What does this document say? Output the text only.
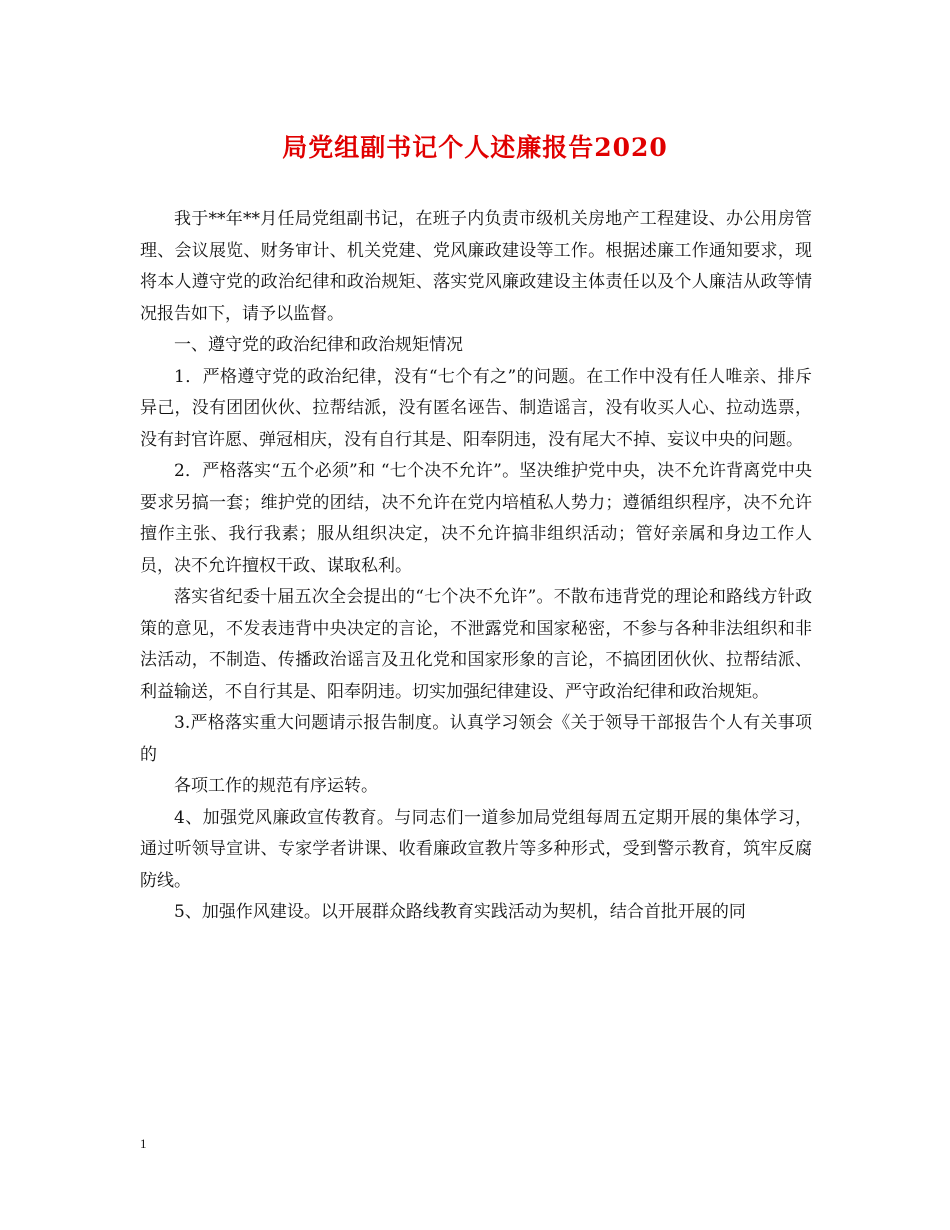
局党组副书记个人述廉报告2020

我于**年**月任局党组副书记，在班子内负责市级机关房地产工程建设、办公用房管理、会议展览、财务审计、机关党建、党风廉政建设等工作。根据述廉工作通知要求，现将本人遵守党的政治纪律和政治规矩、落实党风廉政建设主体责任以及个人廉洁从政等情况报告如下，请予以监督。

一、遵守党的政治纪律和政治规矩情况

1．严格遵守党的政治纪律，没有“七个有之”的问题。在工作中没有任人唯亲、排斥异己，没有团团伙伙、拉帮结派，没有匿名诬告、制造谣言，没有收买人心、拉动选票，没有封官许愿、弹冠相庆，没有自行其是、阳奉阴违，没有尾大不掉、妄议中央的问题。

2．严格落实“五个必须”和 “七个决不允许”。坚决维护党中央，决不允许背离党中央要求另搞一套；维护党的团结，决不允许在党内培植私人势力；遵循组织程序，决不允许擅作主张、我行我素；服从组织决定，决不允许搞非组织活动；管好亲属和身边工作人员，决不允许擅权干政、谋取私利。

落实省纪委十届五次全会提出的“七个决不允许”。不散布违背党的理论和路线方针政策的意见，不发表违背中央决定的言论，不泄露党和国家秘密，不参与各种非法组织和非法活动，不制造、传播政治谣言及丑化党和国家形象的言论，不搞团团伙伙、拉帮结派、利益输送，不自行其是、阳奉阴违。切实加强纪律建设、严守政治纪律和政治规矩。

3.严格落实重大问题请示报告制度。认真学习领会《关于领导干部报告个人有关事项的

各项工作的规范有序运转。

4、加强党风廉政宣传教育。与同志们一道参加局党组每周五定期开展的集体学习，通过听领导宣讲、专家学者讲课、收看廉政宣教片等多种形式，受到警示教育，筑牢反腐防线。

5、加强作风建设。以开展群众路线教育实践活动为契机，结合首批开展的同

1
